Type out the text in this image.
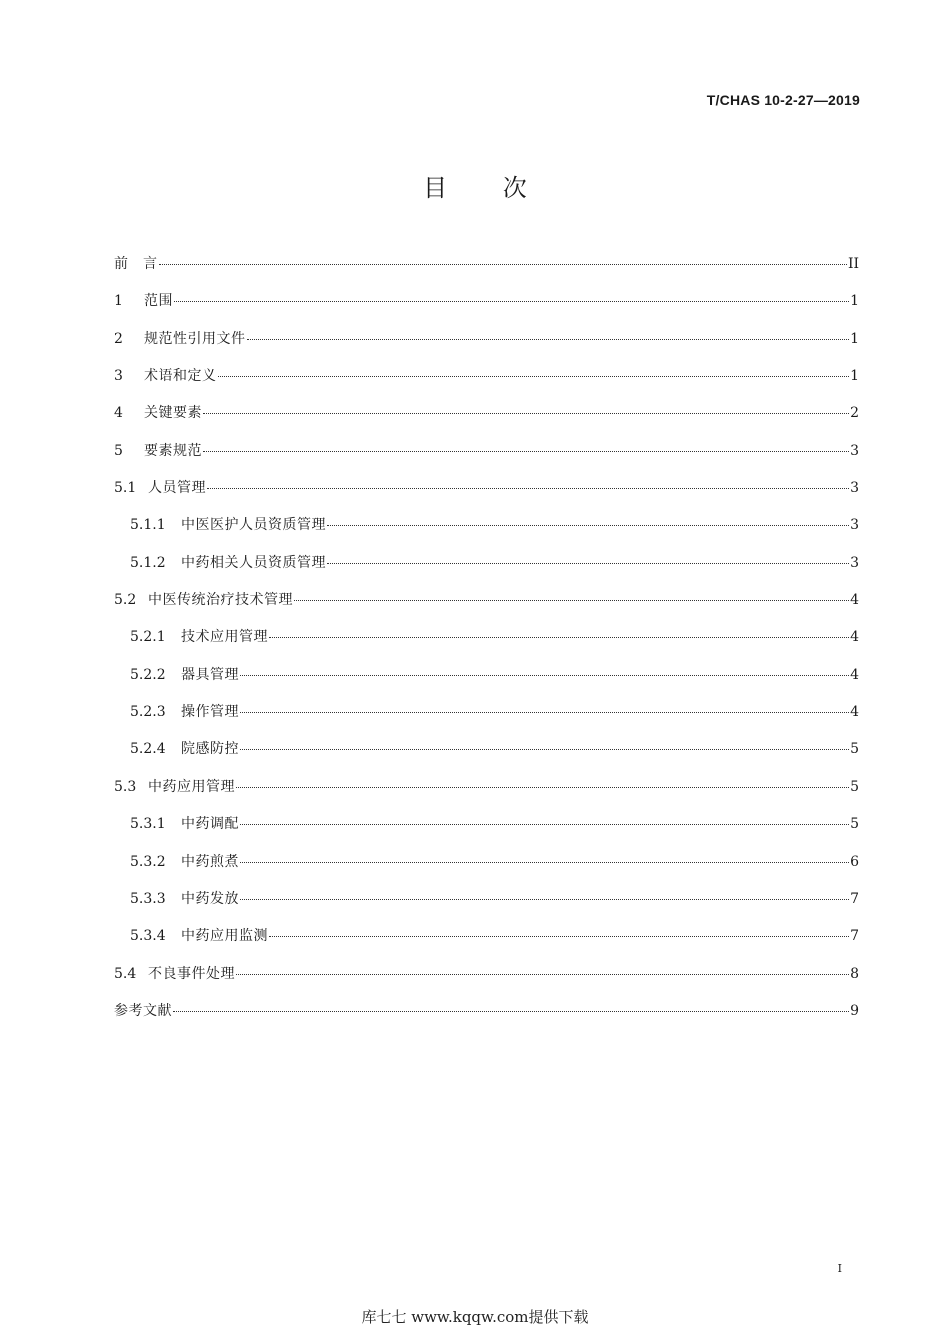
T/CHAS 10-2-27—2019
目 次
前　言	II
1	范围	1
2	规范性引用文件	1
3	术语和定义	1
4	关键要素	2
5	要素规范	3
5.1 人员管理	3
5.1.1	中医医护人员资质管理	3
5.1.2	中药相关人员资质管理	3
5.2 中医传统治疗技术管理	4
5.2.1	技术应用管理	4
5.2.2	器具管理	4
5.2.3	操作管理	4
5.2.4	院感防控	5
5.3 中药应用管理	5
5.3.1	中药调配	5
5.3.2	中药煎煮	6
5.3.3	中药发放	7
5.3.4	中药应用监测	7
5.4 不良事件处理	8
参考文献	9
I
库七七 www.kqqw.com提供下载
